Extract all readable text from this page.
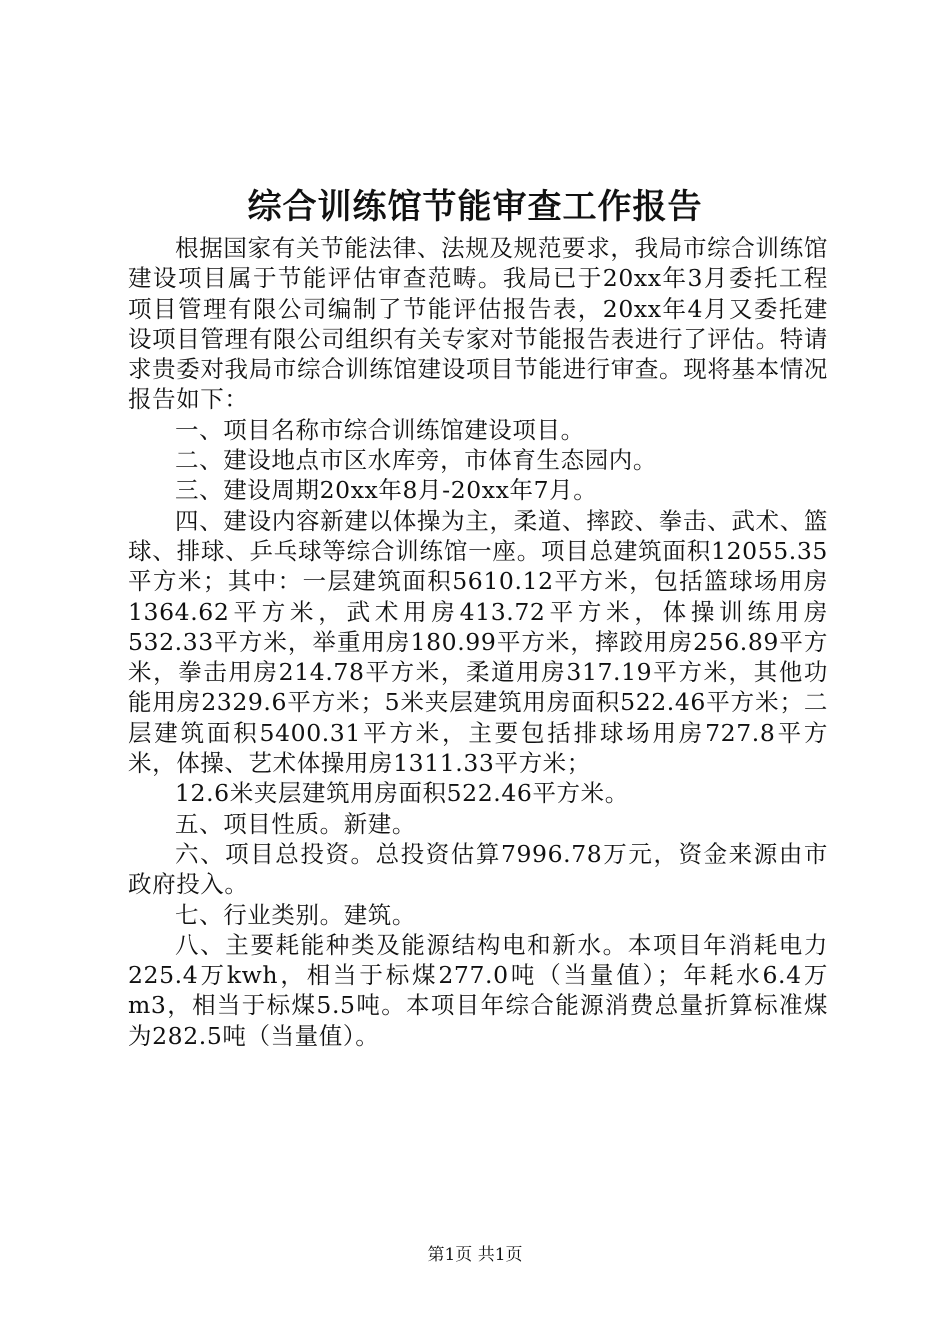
综合训练馆节能审查工作报告

根据国家有关节能法律、法规及规范要求，我局市综合训练馆建设项目属于节能评估审查范畴。我局已于20xx年3月委托工程项目管理有限公司编制了节能评估报告表，20xx年4月又委托建设项目管理有限公司组织有关专家对节能报告表进行了评估。特请求贵委对我局市综合训练馆建设项目节能进行审查。现将基本情况报告如下：

一、项目名称市综合训练馆建设项目。

二、建设地点市区水库旁，市体育生态园内。

三、建设周期20xx年8月-20xx年7月。

四、建设内容新建以体操为主，柔道、摔跤、拳击、武术、篮球、排球、乒乓球等综合训练馆一座。项目总建筑面积12055.35平方米；其中：一层建筑面积5610.12平方米，包括篮球场用房1364.62平方米，武术用房413.72平方米，体操训练用房532.33平方米，举重用房180.99平方米，摔跤用房256.89平方米，拳击用房214.78平方米，柔道用房317.19平方米，其他功能用房2329.6平方米；5米夹层建筑用房面积522.46平方米；二层建筑面积5400.31平方米，主要包括排球场用房727.8平方米，体操、艺术体操用房1311.33平方米；

12.6米夹层建筑用房面积522.46平方米。

五、项目性质。新建。

六、项目总投资。总投资估算7996.78万元，资金来源由市政府投入。

七、行业类别。建筑。

八、主要耗能种类及能源结构电和新水。本项目年消耗电力225.4万kwh，相当于标煤277.0吨（当量值）；年耗水6.4万m3，相当于标煤5.5吨。本项目年综合能源消费总量折算标准煤为282.5吨（当量值）。

第1页 共1页
